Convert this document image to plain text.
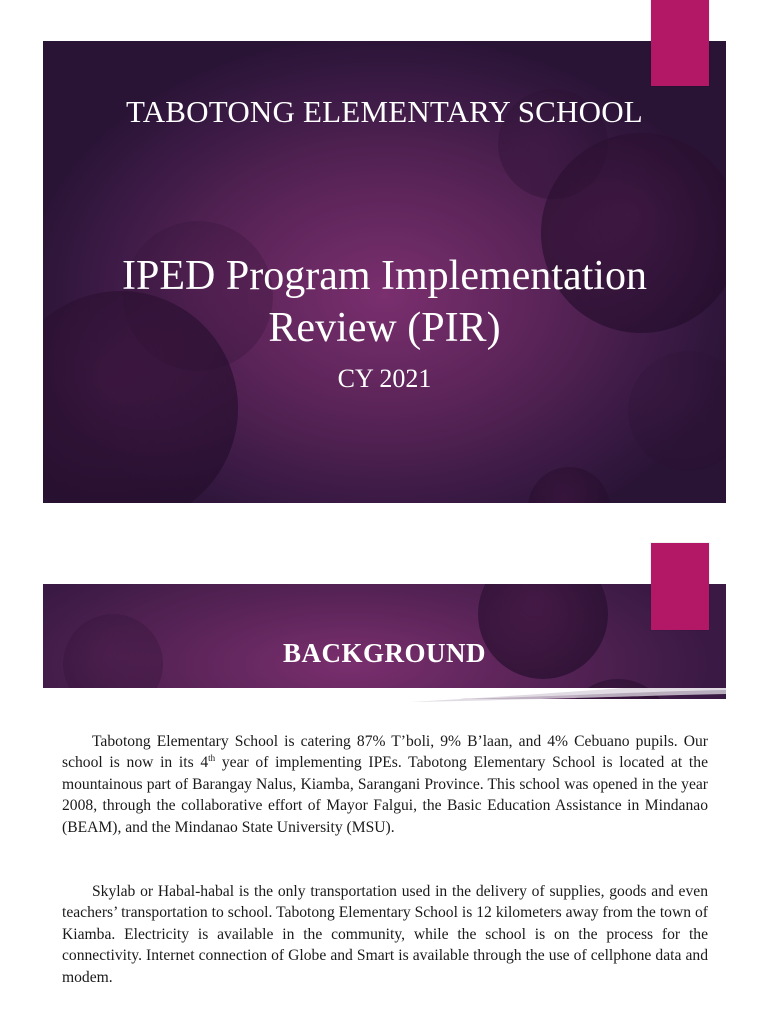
TABOTONG ELEMENTARY SCHOOL
IPED Program Implementation
Review (PIR)
CY 2021
BACKGROUND

Tabotong Elementary School is catering 87% T’boli, 9% B’laan, and 4% Cebuano pupils. Our school is now in its 4th year of implementing IPEs. Tabotong Elementary School is located at the mountainous part of Barangay Nalus, Kiamba, Sarangani Province. This school was opened in the year 2008, through the collaborative effort of Mayor Falgui, the Basic Education Assistance in Mindanao (BEAM), and the Mindanao State University (MSU).

Skylab or Habal-habal is the only transportation used in the delivery of supplies, goods and even teachers’ transportation to school. Tabotong Elementary School is 12 kilometers away from the town of Kiamba. Electricity is available in the community, while the school is on the process for the connectivity. Internet connection of Globe and Smart is available through the use of cellphone data and modem.
